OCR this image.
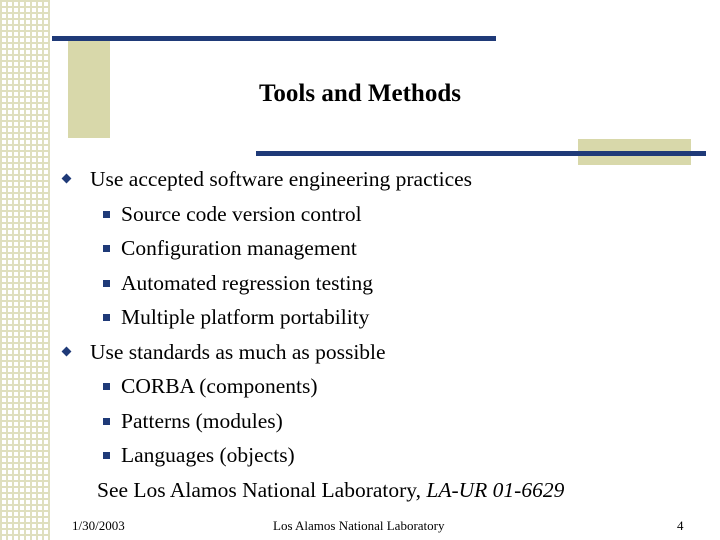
Tools and Methods
Use accepted software engineering practices
Source code version control
Configuration management
Automated regression testing
Multiple platform portability
Use standards as much as possible
CORBA (components)
Patterns (modules)
Languages (objects)
See Los Alamos National Laboratory, LA-UR 01-6629
1/30/2003	Los Alamos National Laboratory	4
